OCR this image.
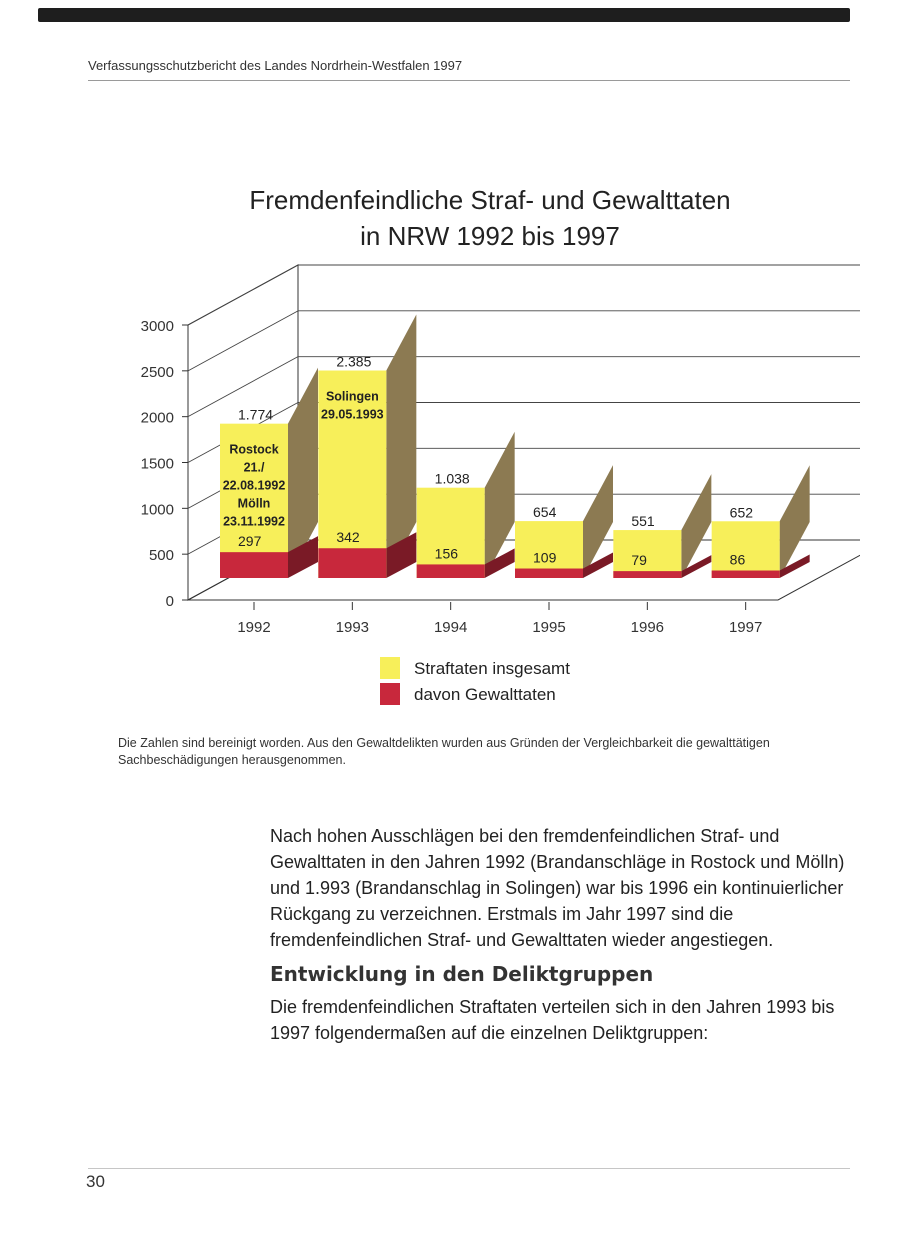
Verfassungsschutzbericht des Landes Nordrhein-Westfalen 1997
Fremdenfeindliche Straf- und Gewalttaten
in NRW 1992 bis 1997
0
500
1000
1500
2000
2500
3000
1.774
297
1992
Rostock
21./
22.08.1992
Mölln
23.11.1992
2.385
342
1993
Solingen
29.05.1993
1.038
156
1994
654
109
1995
551
79
1996
652
86
1997
Straftaten insgesamt
davon Gewalttaten
Die Zahlen sind bereinigt worden. Aus den Gewaltdelikten wurden aus Gründen der Vergleichbarkeit die gewalttätigen Sachbeschädigungen herausgenommen.

Nach hohen Ausschlägen bei den fremdenfeindlichen Straf- und Gewalttaten in den Jahren 1992 (Brandanschläge in Rostock und Mölln) und 1.993 (Brandanschlag in Solingen) war bis 1996 ein kontinuierlicher Rückgang zu verzeichnen. Erstmals im Jahr 1997 sind die fremdenfeindlichen Straf- und Gewalttaten wieder angestiegen.

Entwicklung in den Deliktgruppen

Die fremdenfeindlichen Straftaten verteilen sich in den Jahren 1993 bis 1997 folgendermaßen auf die einzelnen Deliktgruppen:

30
